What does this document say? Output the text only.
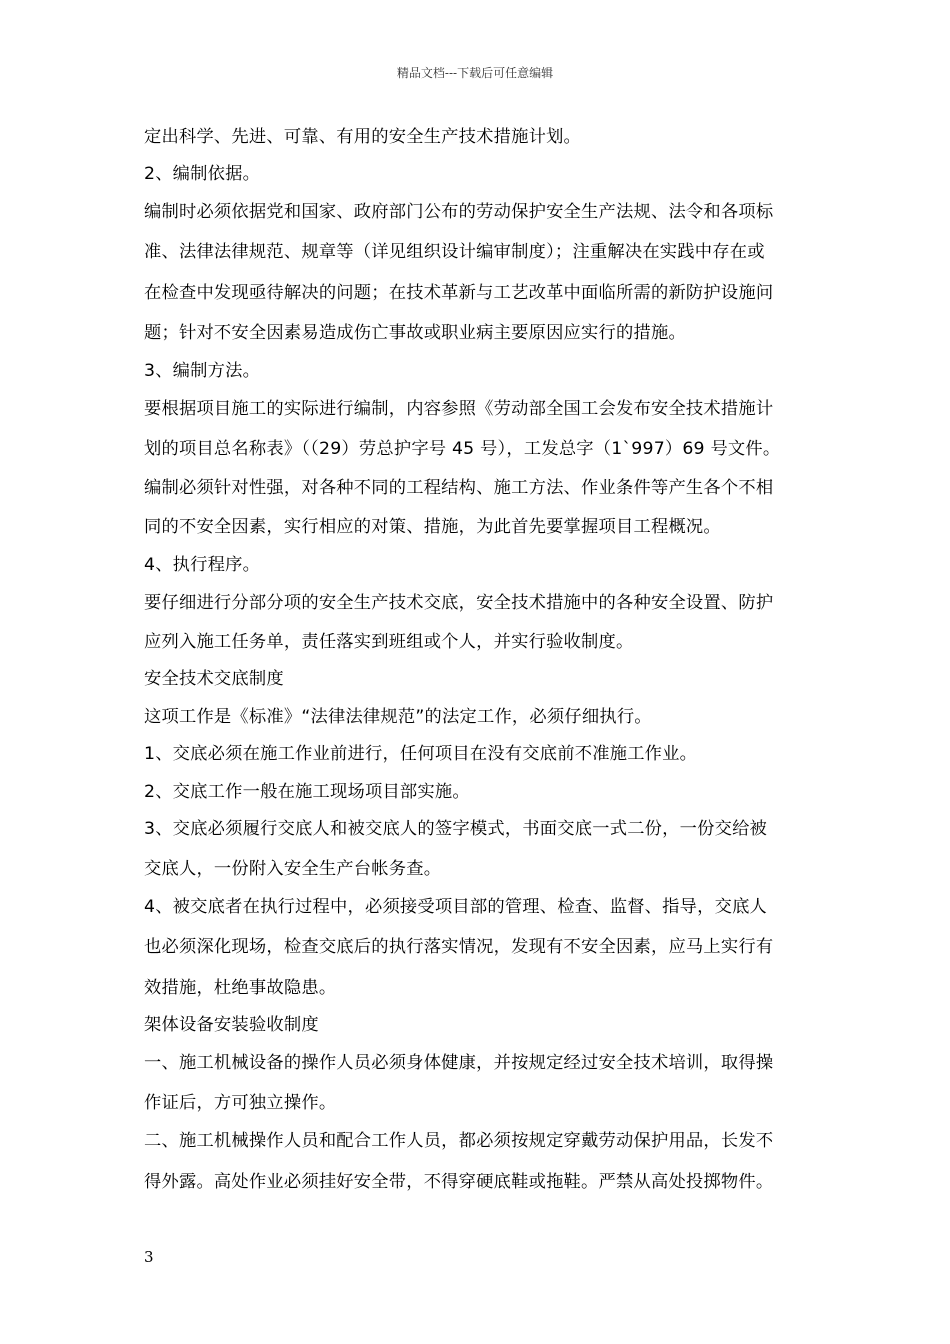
精品文档---下载后可任意编辑
定出科学、先进、可靠、有用的安全生产技术措施计划。
2、编制依据。
编制时必须依据党和国家、政府部门公布的劳动保护安全生产法规、法令和各项标
准、法律法律规范、规章等（详见组织设计编审制度）；注重解决在实践中存在或
在检查中发现亟待解决的问题；在技术革新与工艺改革中面临所需的新防护设施问
题；针对不安全因素易造成伤亡事故或职业病主要原因应实行的措施。
3、编制方法。
要根据项目施工的实际进行编制，内容参照《劳动部全国工会发布安全技术措施计
划的项目总名称表》（（29）劳总护字号 45 号），工发总字（1`997）69 号文件。
编制必须针对性强，对各种不同的工程结构、施工方法、作业条件等产生各个不相
同的不安全因素，实行相应的对策、措施，为此首先要掌握项目工程概况。
4、执行程序。
要仔细进行分部分项的安全生产技术交底，安全技术措施中的各种安全设置、防护
应列入施工任务单，责任落实到班组或个人，并实行验收制度。
安全技术交底制度
这项工作是《标准》“法律法律规范”的法定工作，必须仔细执行。
1、交底必须在施工作业前进行，任何项目在没有交底前不准施工作业。
2、交底工作一般在施工现场项目部实施。
3、交底必须履行交底人和被交底人的签字模式，书面交底一式二份，一份交给被
交底人，一份附入安全生产台帐务查。
4、被交底者在执行过程中，必须接受项目部的管理、检查、监督、指导，交底人
也必须深化现场，检查交底后的执行落实情况，发现有不安全因素，应马上实行有
效措施，杜绝事故隐患。
架体设备安装验收制度
一、施工机械设备的操作人员必须身体健康，并按规定经过安全技术培训，取得操
作证后，方可独立操作。
二、施工机械操作人员和配合工作人员，都必须按规定穿戴劳动保护用品，长发不
得外露。高处作业必须挂好安全带，不得穿硬底鞋或拖鞋。严禁从高处投掷物件。
3
